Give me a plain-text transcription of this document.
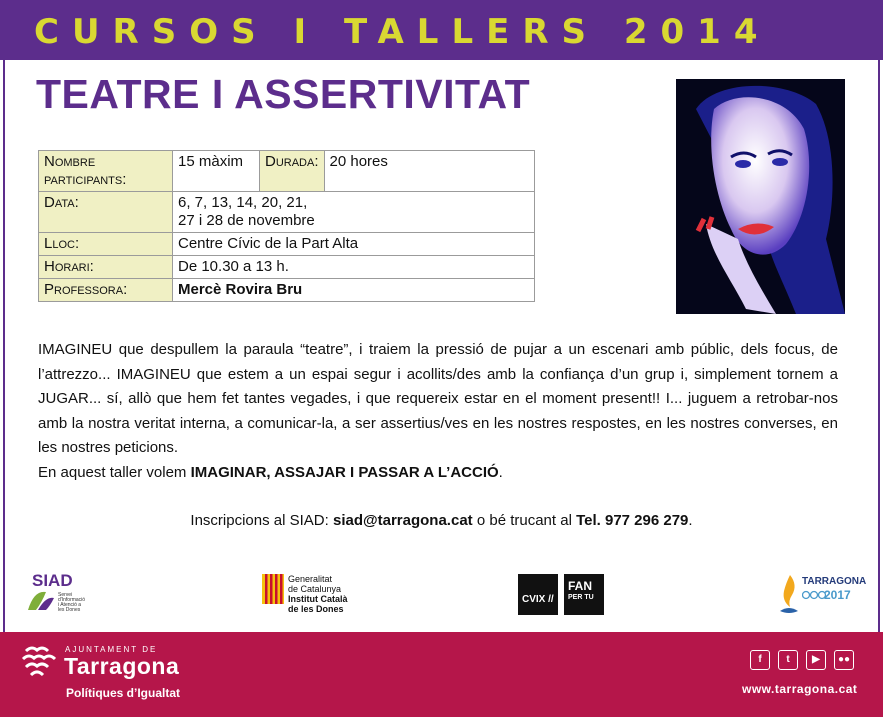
CURSOS I TALLERS 2014
TEATRE I ASSERTIVITAT
Nombre participants:	15 màxim	Durada:	20 hores
Data:	6, 7, 13, 14, 20, 21,
27 i 28 de novembre		

Lloc:	Centre Cívic de la Part Alta		
Horari:	De 10.30 a 13 h.		
Professora:	Mercè Rovira Bru		

IMAGINEU que despullem la paraula “teatre”, i traiem la pressió de pujar a un escenari amb públic, dels focus, de l’attrezzo... IMAGINEU que estem a un espai segur i acollits/des amb la confiança d’un grup i, simplement tornem a JUGAR... sí, allò que hem fet tantes vegades, i que requereix estar en el moment present!! I... juguem a retrobar-nos amb la nostra veritat interna, a comunicar-la, a ser assertius/ves en les nostres respostes, en les nostres converses, en les nostres peticions.

En aquest taller volem IMAGINAR, ASSAJAR I PASSAR A L’ACCIÓ.

Inscripcions al SIAD: siad@tarragona.cat o bé trucant al Tel. 977 296 279.
SIAD
Servei
d'Informació
i Atenció a
les Dones
Generalitat
de Catalunya
Institut Català
de les Dones
CVIX //
FAN
PER TU
TARRAGONA
2017
AJUNTAMENT DE
Tarragona
Polítiques d’Igualtat
f	t	▶	●●
www.tarragona.cat
